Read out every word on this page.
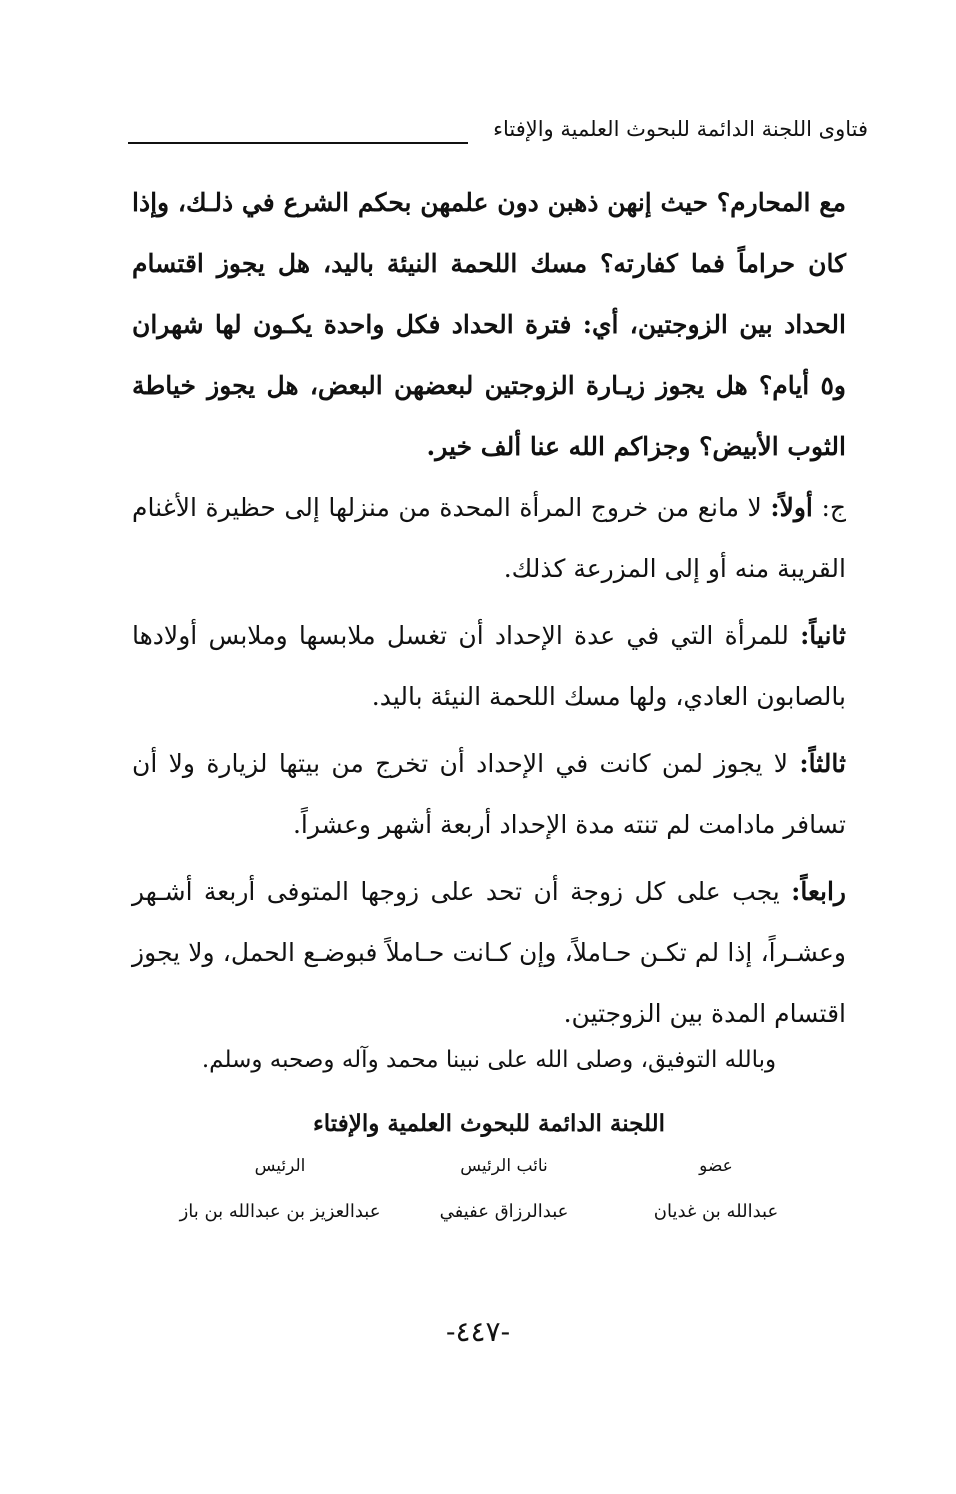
فتاوى اللجنة الدائمة للبحوث العلمية والإفتاء

مع المحارم؟ حيث إنهن ذهبن دون علمهن بحكم الشرع في ذلـك، وإذا كان حراماً فما كفارته؟ مسك اللحمة النيئة باليد، هل يجوز اقتسام الحداد بين الزوجتين، أي: فترة الحداد فكل واحدة يكـون لها شهران و٥ أيام؟ هل يجوز زيـارة الزوجتين لبعضهن البعض، هل يجوز خياطة الثوب الأبيض؟ وجزاكم الله عنا ألف خير.

ج: أولاً: لا مانع من خروج المرأة المحدة من منزلها إلى حظيرة الأغنام القريبة منه أو إلى المزرعة كذلك.

ثانياً: للمرأة التي في عدة الإحداد أن تغسل ملابسها وملابس أولادها بالصابون العادي، ولها مسك اللحمة النيئة باليد.

ثالثاً: لا يجوز لمن كانت في الإحداد أن تخرج من بيتها لزيارة ولا أن تسافر مادامت لم تنته مدة الإحداد أربعة أشهر وعشراً.

رابعاً: يجب على كل زوجة أن تحد على زوجها المتوفى أربعة أشـهر وعشـراً، إذا لم تكـن حـاملاً، وإن كـانت حـاملاً فبوضـع الحمل، ولا يجوز اقتسام المدة بين الزوجتين.

وبالله التوفيق، وصلى الله على نبينا محمد وآله وصحبه وسلم.
اللجنة الدائمة للبحوث العلمية والإفتاء
عضو
عبدالله بن غديان
نائب الرئيس
عبدالرزاق عفيفي
الرئيس
عبدالعزيز بن عبدالله بن باز
-٤٤٧-
